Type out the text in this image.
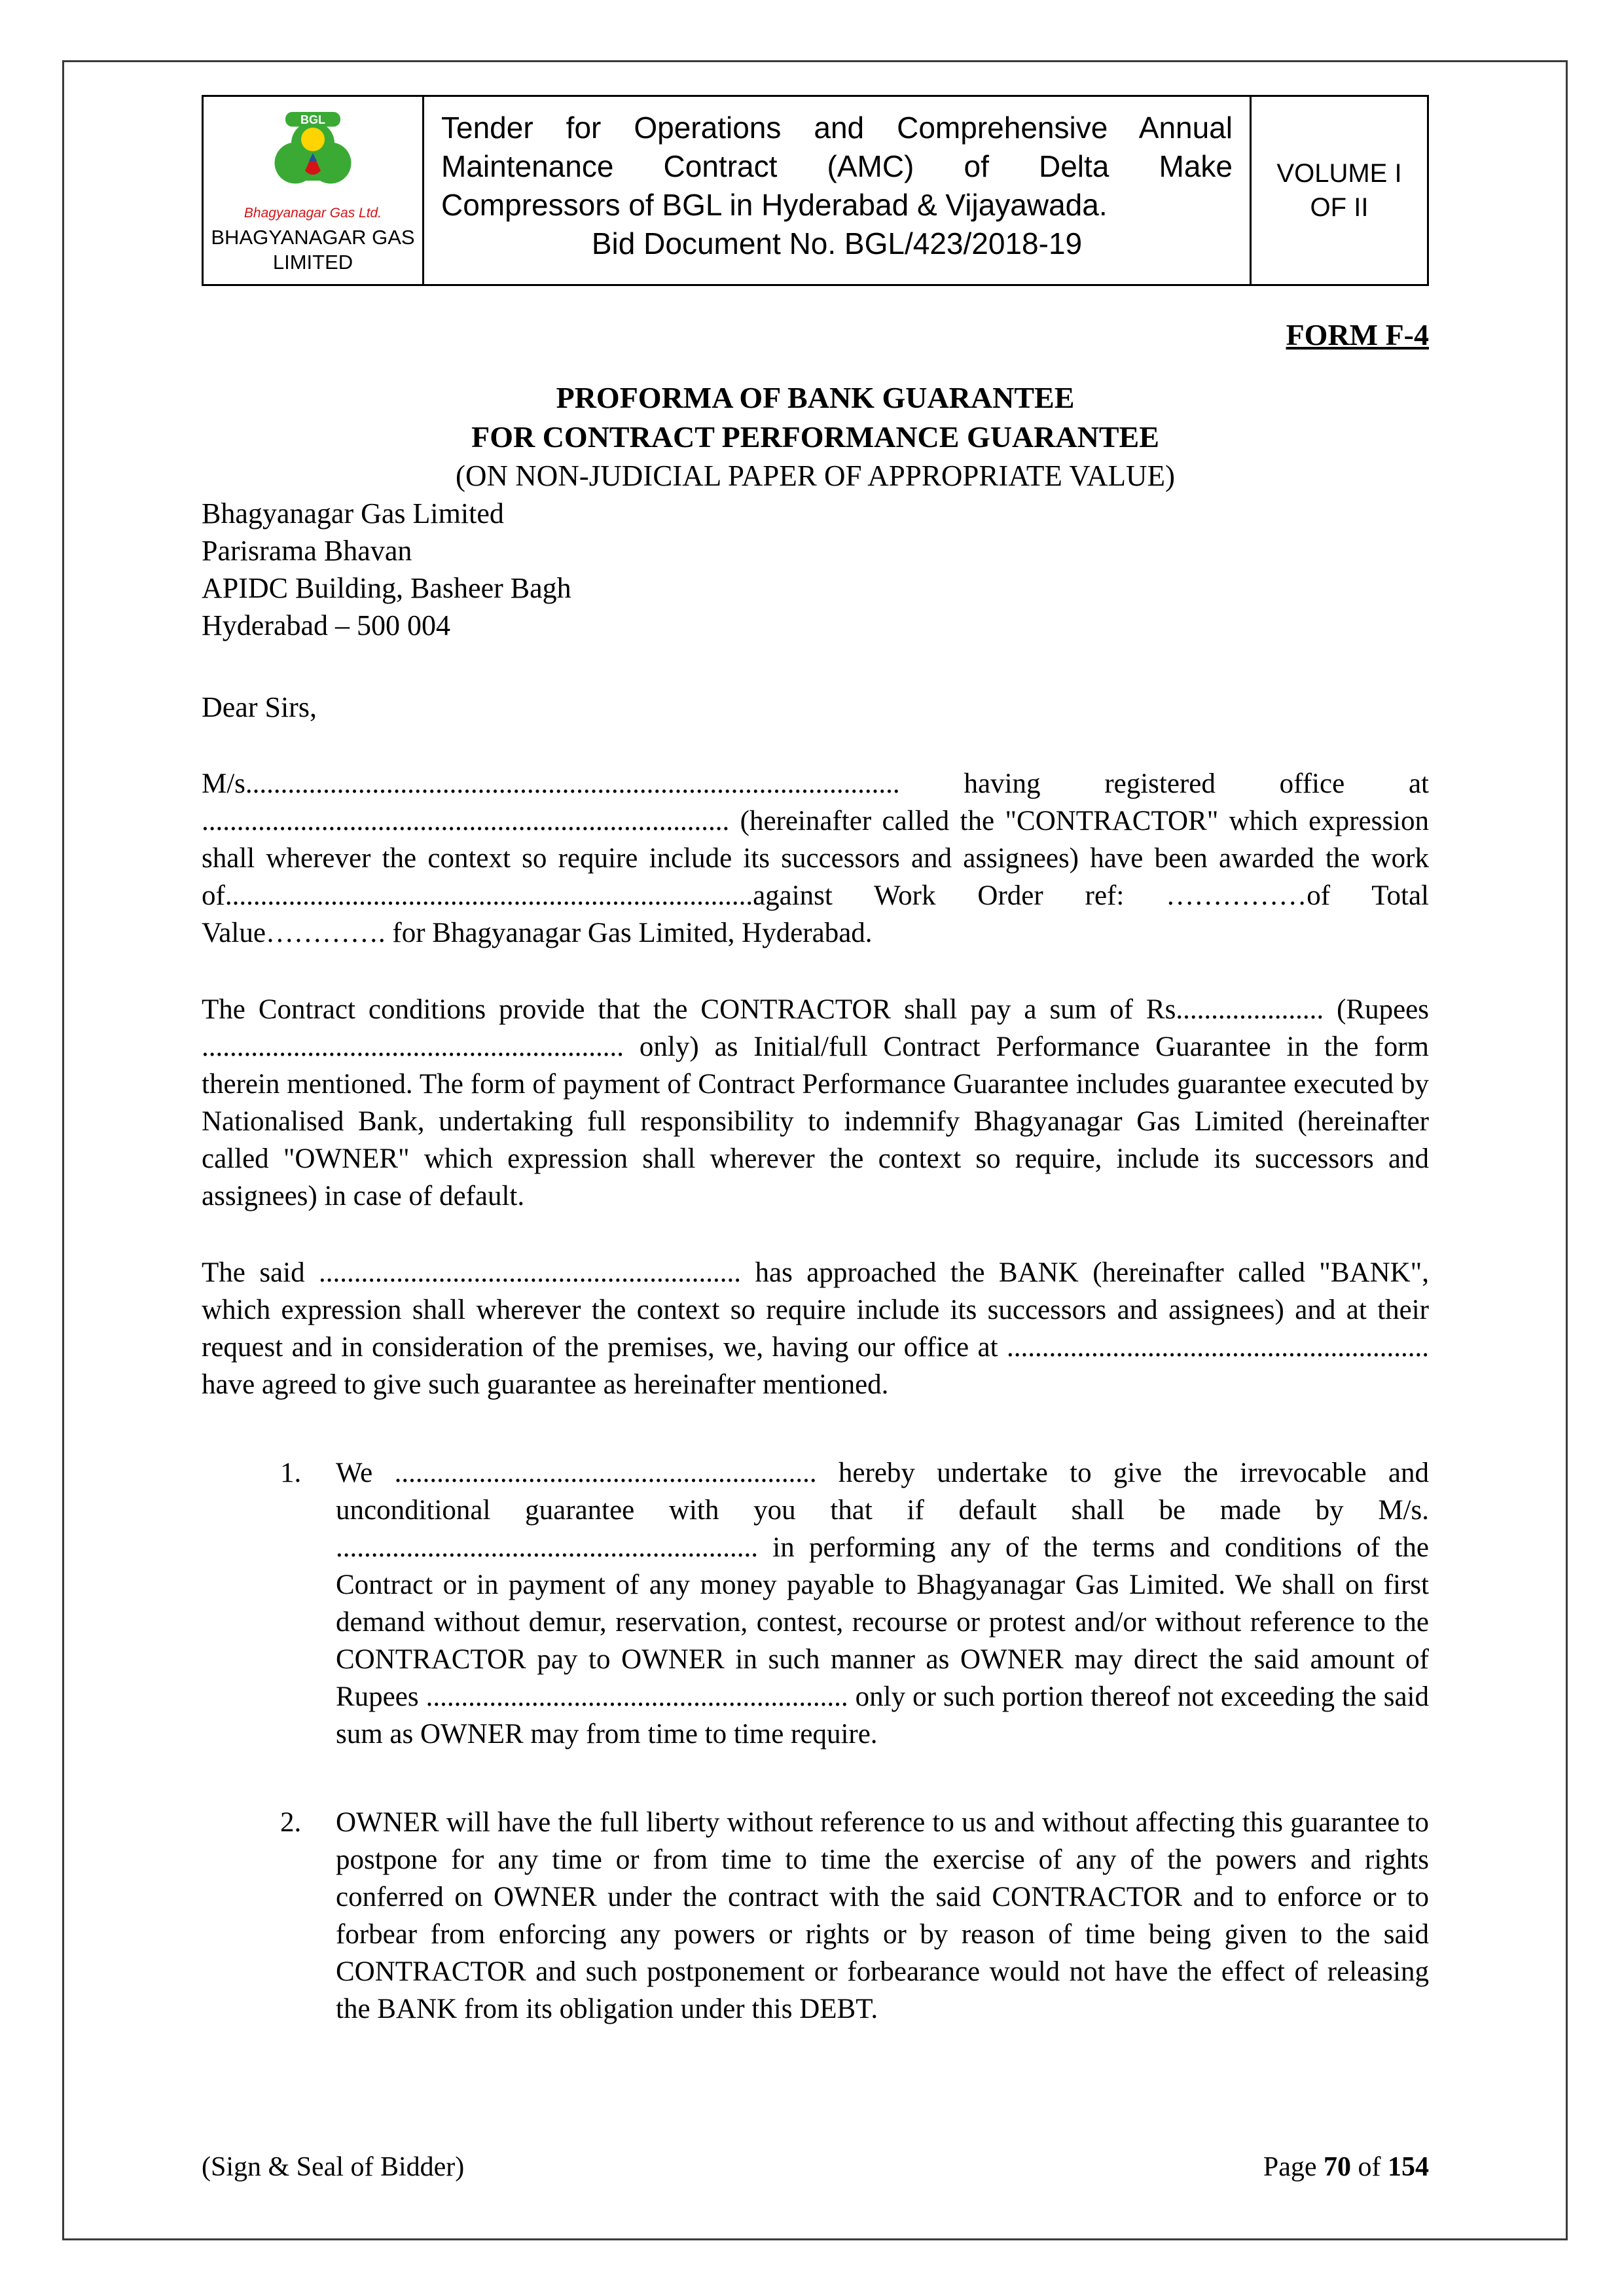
BGL
Bhagyanagar Gas Ltd.
BHAGYANAGAR GAS
LIMITED
Tender for Operations and Comprehensive Annual
Maintenance Contract (AMC) of Delta Make
Compressors of BGL in Hyderabad & Vijayawada.
Bid Document No. BGL/423/2018-19
VOLUME I
OF II
FORM F-4
PROFORMA OF BANK GUARANTEE
FOR CONTRACT PERFORMANCE GUARANTEE
(ON NON-JUDICIAL PAPER OF APPROPRIATE VALUE)
Bhagyanagar Gas Limited
Parisrama Bhavan
APIDC Building, Basheer Bagh
Hyderabad – 500 004
Dear Sirs,
M/s............................................................................................. having registered office at ........................................................................... (hereinafter called the "CONTRACTOR" which expression shall wherever the context so require include its successors and assignees) have been awarded the work of...........................................................................against Work Order ref: ……………of Total Value…………. for Bhagyanagar Gas Limited, Hyderabad.
The Contract conditions provide that the CONTRACTOR shall pay a sum of Rs..................... (Rupees ............................................................ only) as Initial/full Contract Performance Guarantee in the form therein mentioned. The form of payment of Contract Performance Guarantee includes guarantee executed by Nationalised Bank, undertaking full responsibility to indemnify Bhagyanagar Gas Limited (hereinafter called "OWNER" which expression shall wherever the context so require, include its successors and assignees) in case of default.
The said ............................................................ has approached the BANK (hereinafter called "BANK", which expression shall wherever the context so require include its successors and assignees) and at their request and in consideration of the premises, we, having our office at ............................................................ have agreed to give such guarantee as hereinafter mentioned.
1.	We ............................................................ hereby undertake to give the irrevocable and unconditional guarantee with you that if default shall be made by M/s. ............................................................ in performing any of the terms and conditions of the Contract or in payment of any money payable to Bhagyanagar Gas Limited. We shall on first demand without demur, reservation, contest, recourse or protest and/or without reference to the CONTRACTOR pay to OWNER in such manner as OWNER may direct the said amount of Rupees ............................................................ only or such portion thereof not exceeding the said sum as OWNER may from time to time require.
2.	OWNER will have the full liberty without reference to us and without affecting this guarantee to postpone for any time or from time to time the exercise of any of the powers and rights conferred on OWNER under the contract with the said CONTRACTOR and to enforce or to forbear from enforcing any powers or rights or by reason of time being given to the said CONTRACTOR and such postponement or forbearance would not have the effect of releasing the BANK from its obligation under this DEBT.
(Sign & Seal of Bidder)	Page 70 of 154
